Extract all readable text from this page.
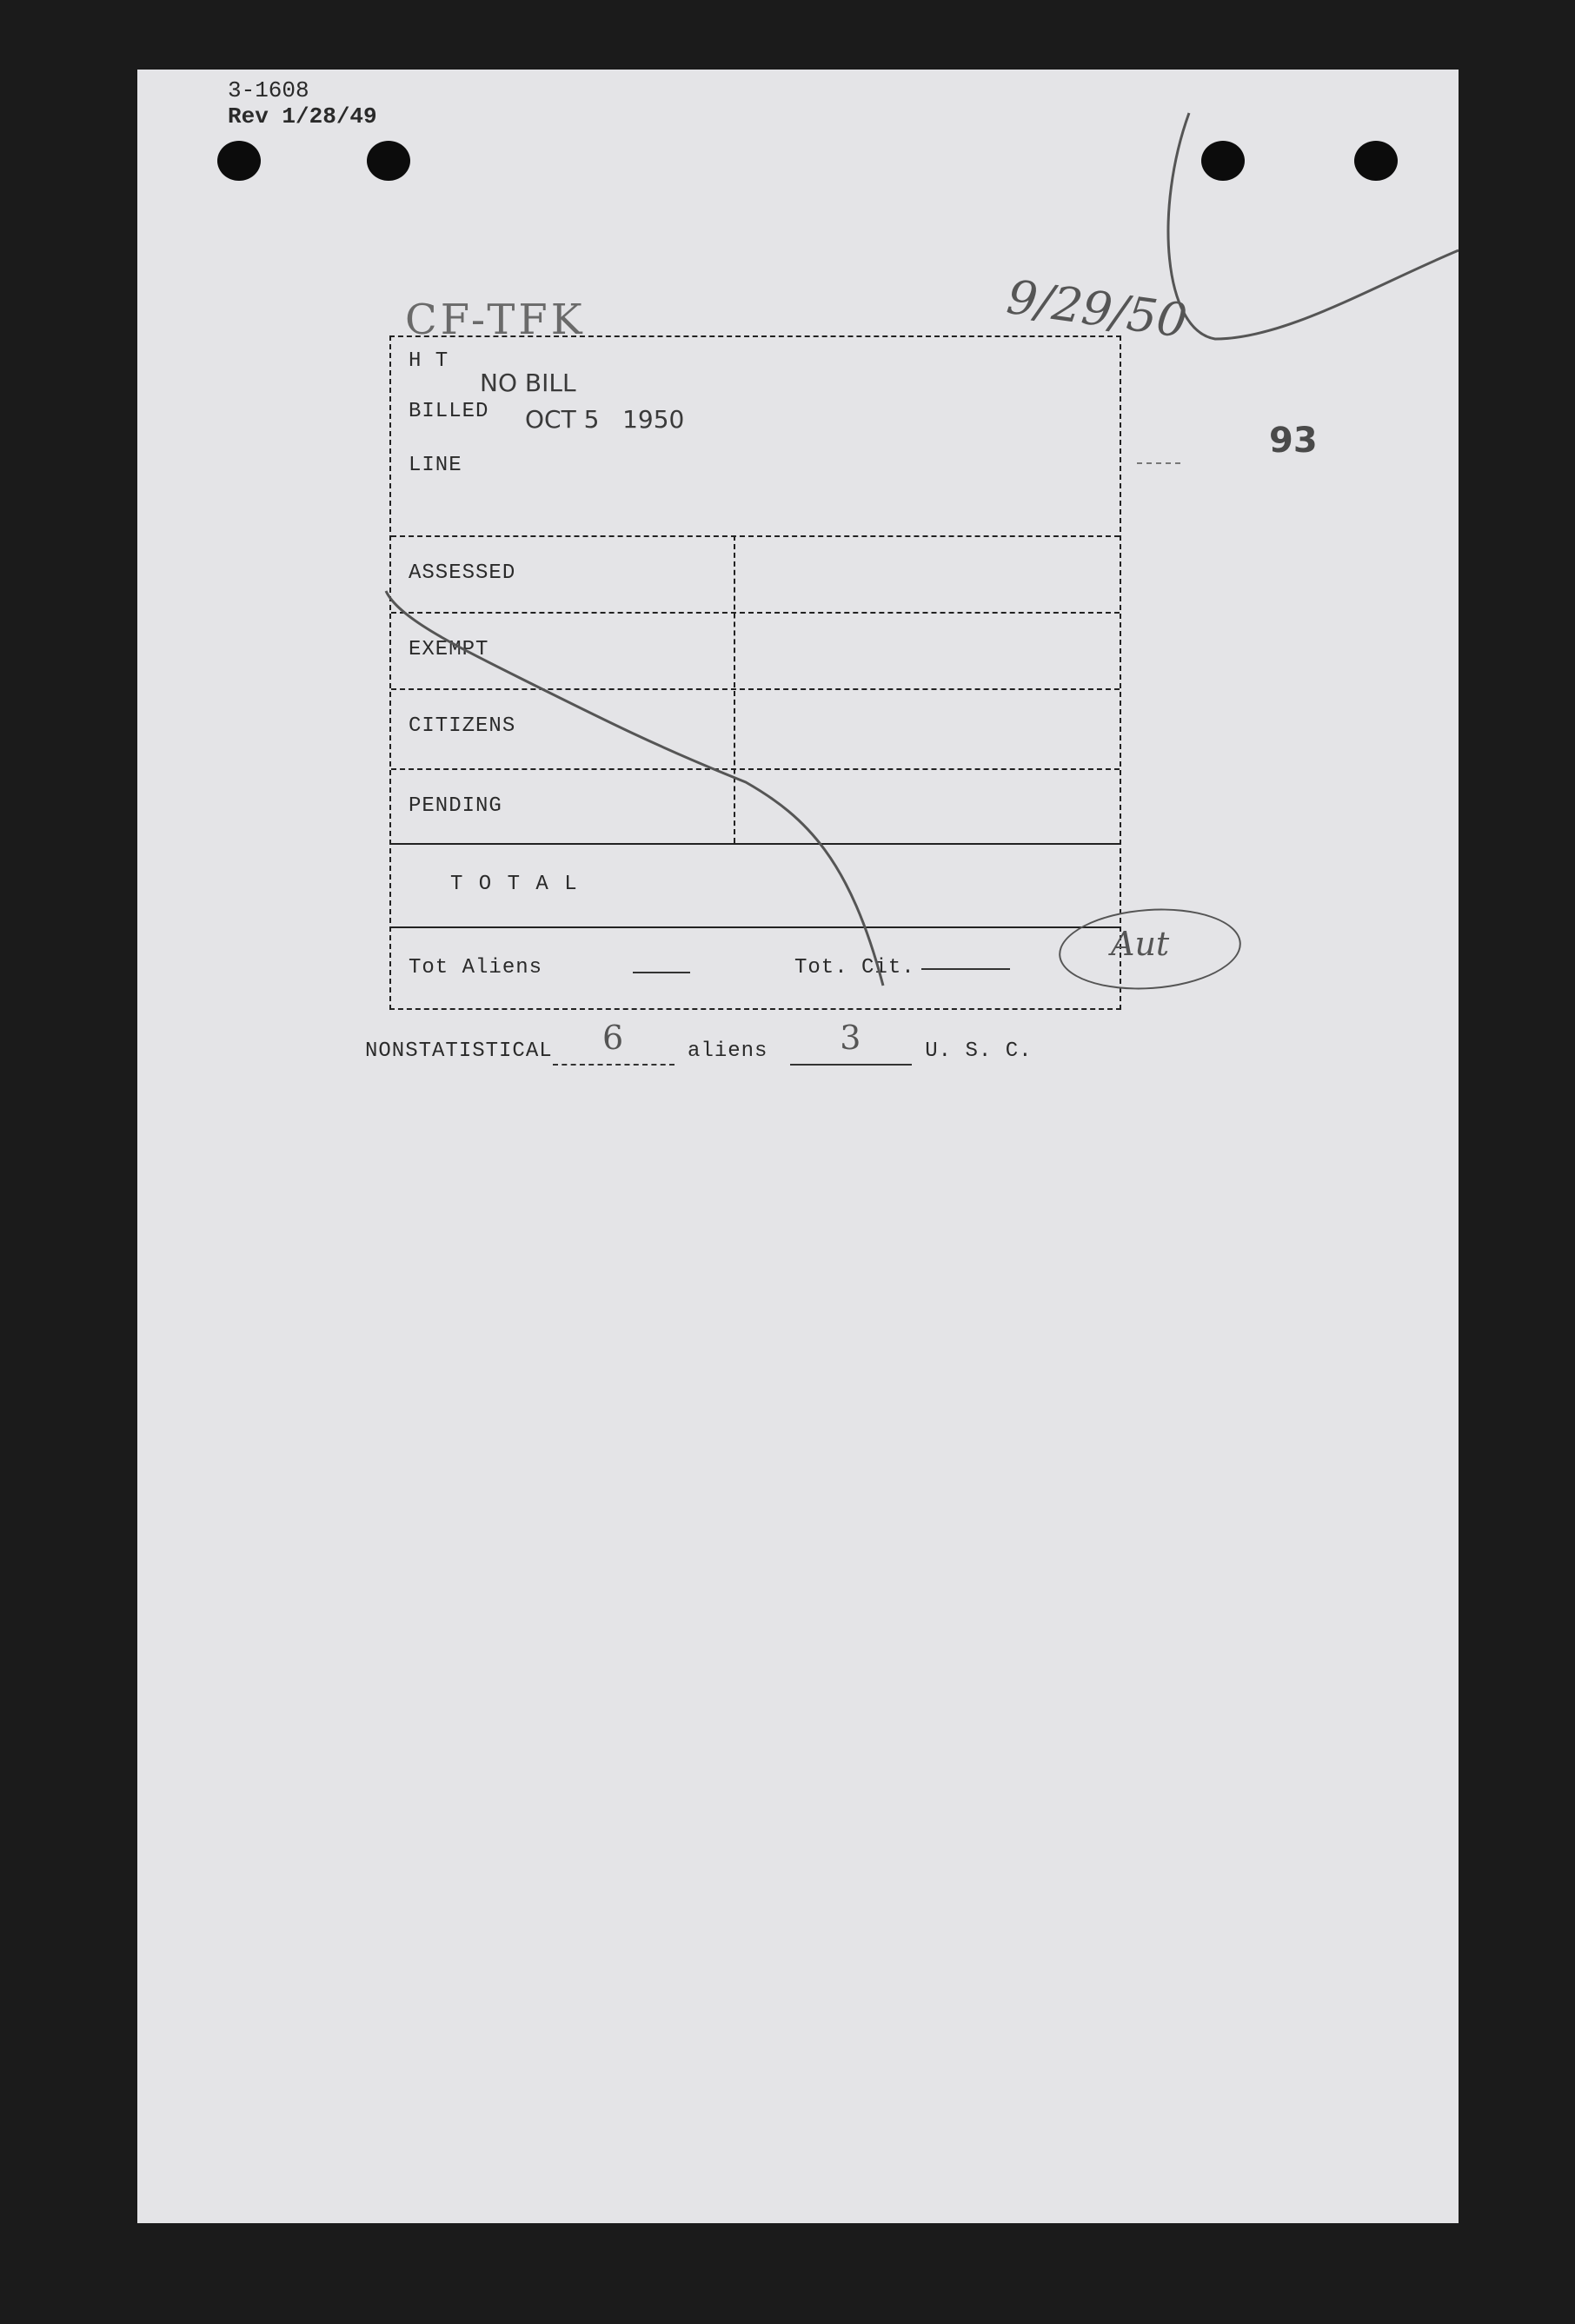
3-1608
Rev 1/28/49
CF-TFK	9/29/50
93
H T
NO BILL
BILLED OCT 5   1950
LINE
ASSESSED
EXEMPT
CITIZENS
PENDING
T O T A L
Tot Aliens	Tot. Cit.
Aut
NONSTATISTICAL 6	aliens 3	U. S. C.
